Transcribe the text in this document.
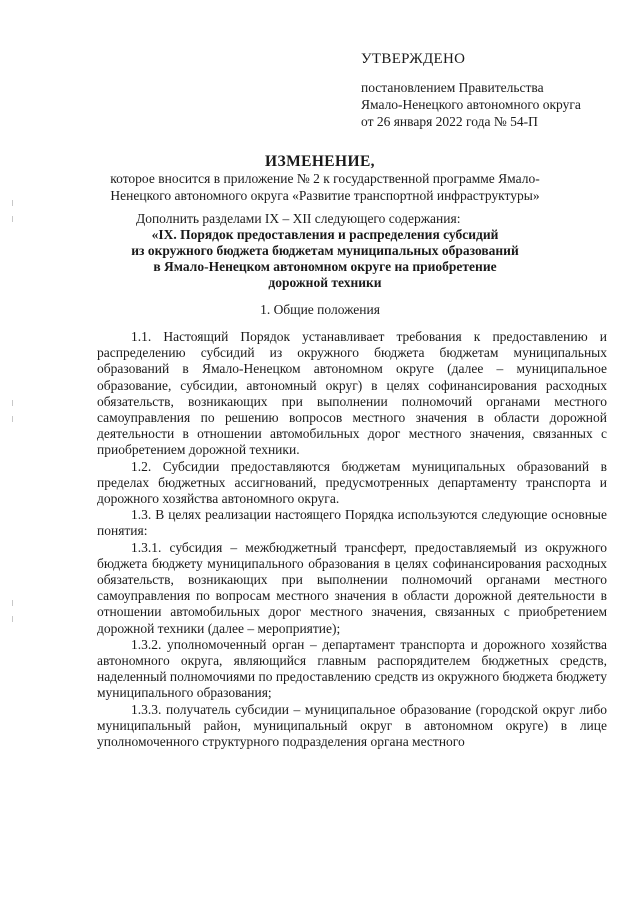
УТВЕРЖДЕНО
постановлением Правительства
Ямало-Ненецкого автономного округа
от 26 января 2022 года № 54-П
ИЗМЕНЕНИЕ,
которое вносится в приложение № 2 к государственной программе Ямало-Ненецкого автономного округа «Развитие транспортной инфраструктуры»
Дополнить разделами IX – XII следующего содержания:
«IX. Порядок предоставления и распределения субсидий
из окружного бюджета бюджетам муниципальных образований
в Ямало-Ненецком автономном округе на приобретение
дорожной техники
1. Общие положения

1.1. Настоящий Порядок устанавливает требования к предоставлению и распределению субсидий из окружного бюджета бюджетам муниципальных образований в Ямало-Ненецком автономном округе (далее – муниципальное образование, субсидии, автономный округ) в целях софинансирования расходных обязательств, возникающих при выполнении полномочий органами местного самоуправления по решению вопросов местного значения в области дорожной деятельности в отношении автомобильных дорог местного значения, связанных с приобретением дорожной техники.

1.2. Субсидии предоставляются бюджетам муниципальных образований в пределах бюджетных ассигнований, предусмотренных департаменту транспорта и дорожного хозяйства автономного округа.

1.3. В целях реализации настоящего Порядка используются следующие основные понятия:

1.3.1. субсидия – межбюджетный трансферт, предоставляемый из окружного бюджета бюджету муниципального образования в целях софинансирования расходных обязательств, возникающих при выполнении полномочий органами местного самоуправления по вопросам местного значения в области дорожной деятельности в отношении автомобильных дорог местного значения, связанных с приобретением дорожной техники (далее – мероприятие);

1.3.2. уполномоченный орган – департамент транспорта и дорожного хозяйства автономного округа, являющийся главным распорядителем бюджетных средств, наделенный полномочиями по предоставлению средств из окружного бюджета бюджету муниципального образования;

1.3.3. получатель субсидии – муниципальное образование (городской округ либо муниципальный район, муниципальный округ в автономном округе) в лице уполномоченного структурного подразделения органа местного
